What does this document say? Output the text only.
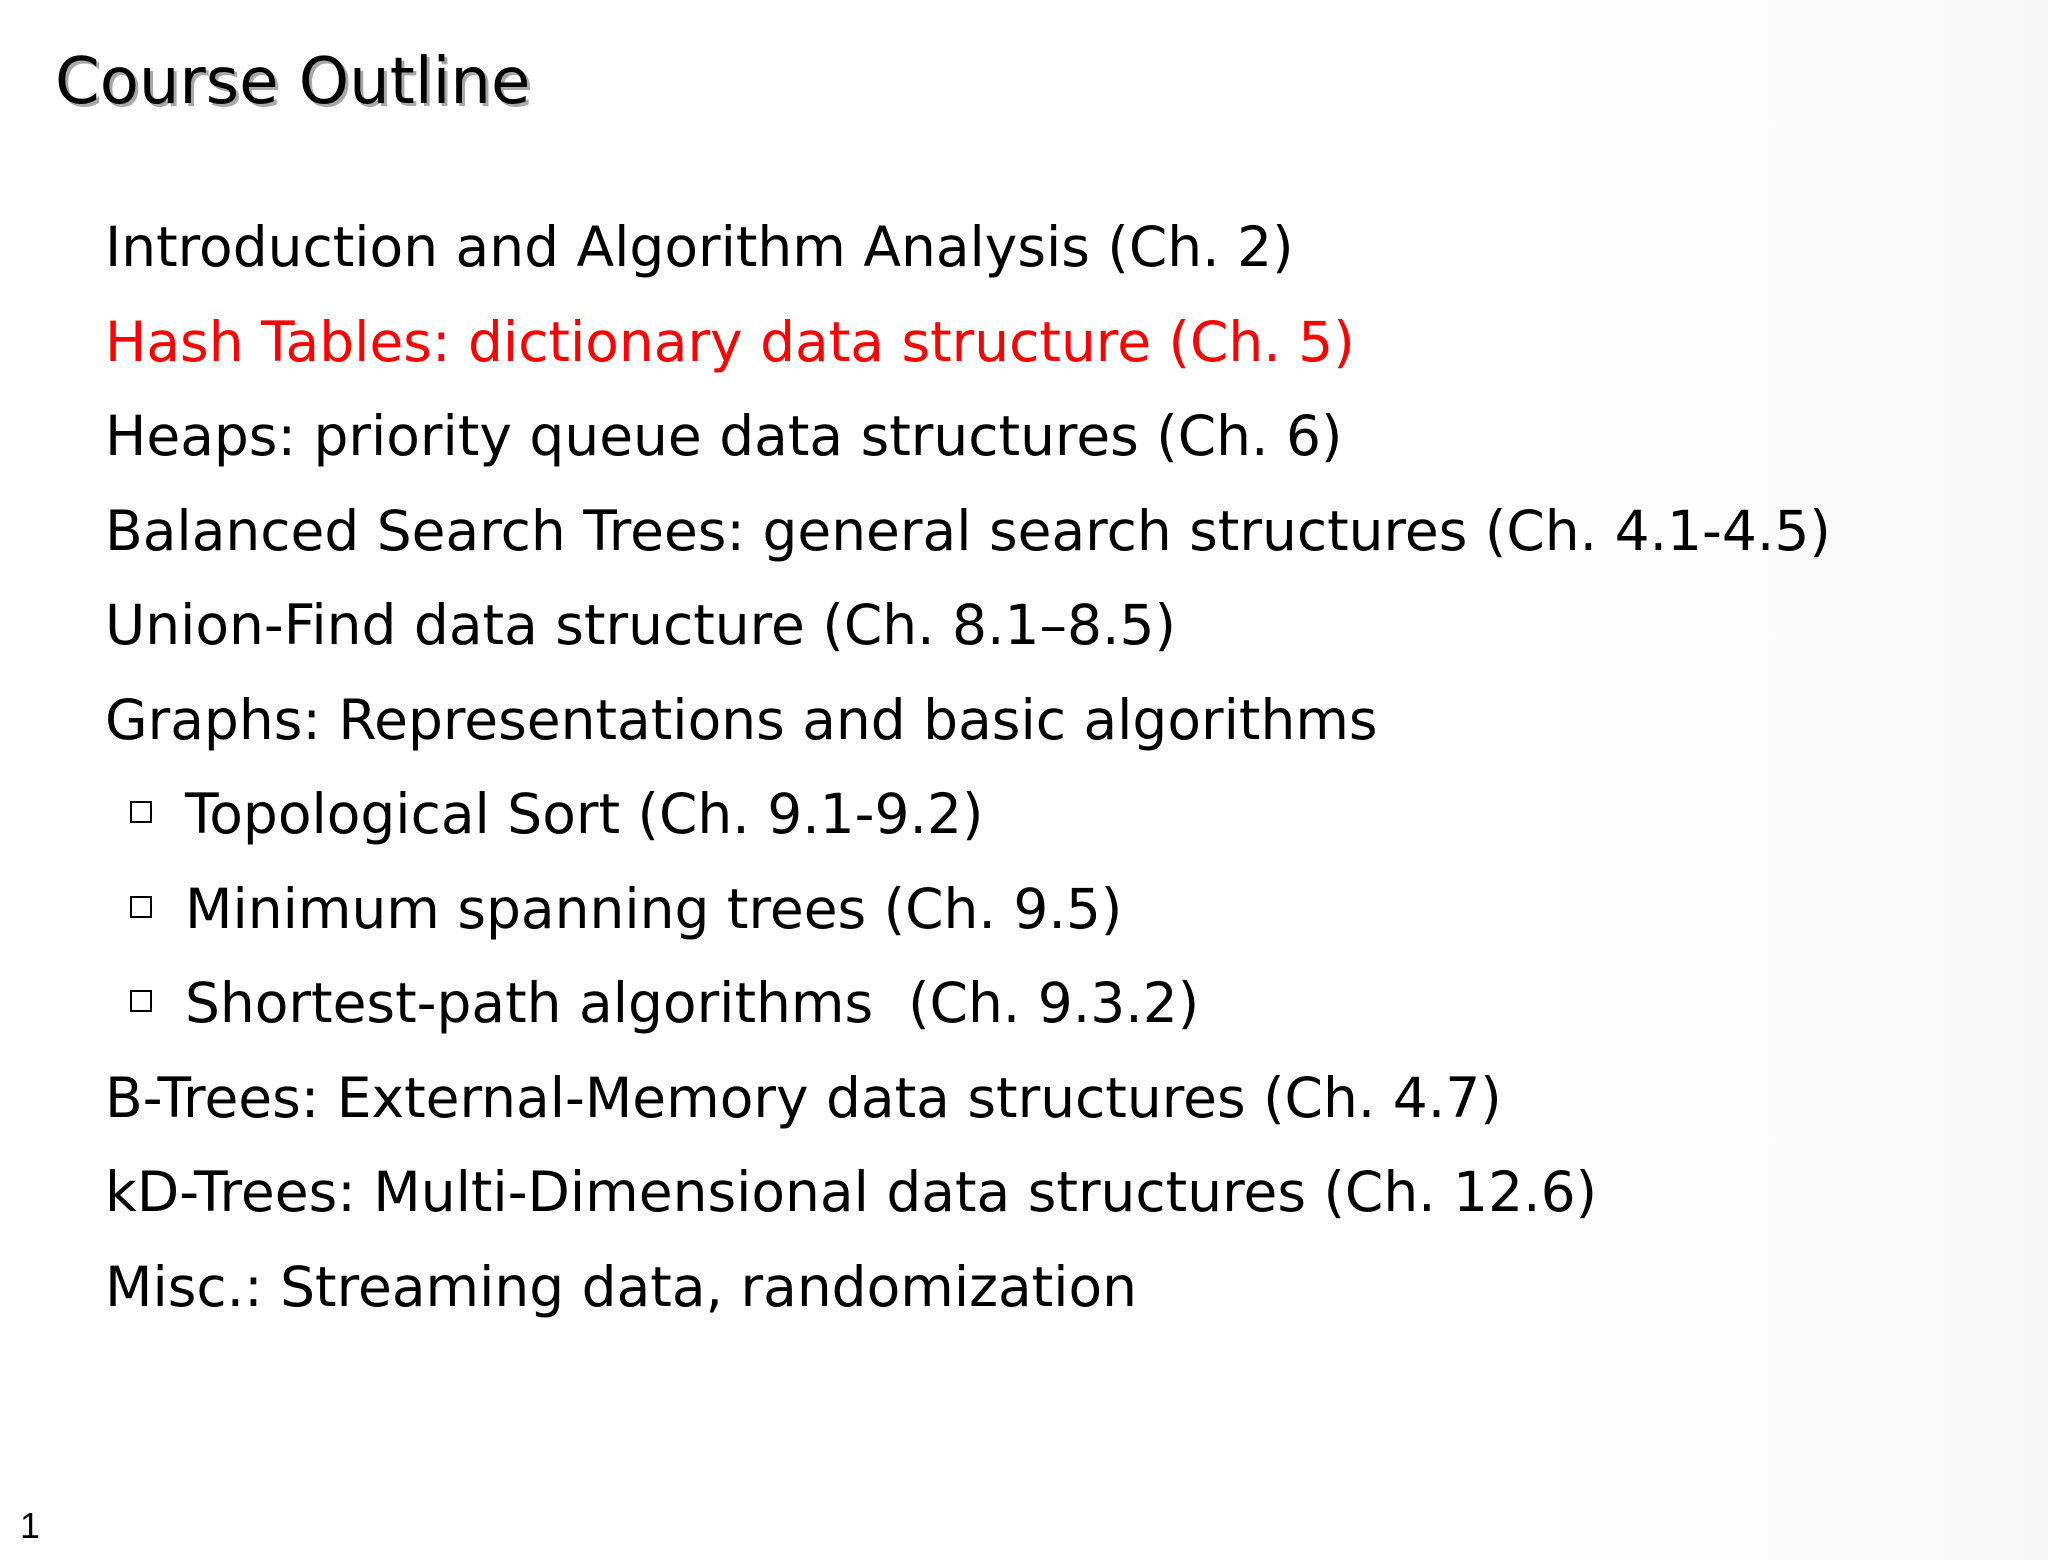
Course Outline
Introduction and Algorithm Analysis (Ch. 2)
Hash Tables: dictionary data structure (Ch. 5)
Heaps: priority queue data structures (Ch. 6)
Balanced Search Trees: general search structures (Ch. 4.1-4.5)
Union-Find data structure (Ch. 8.1–8.5)
Graphs: Representations and basic algorithms
Topological Sort (Ch. 9.1-9.2)
Minimum spanning trees (Ch. 9.5)
Shortest-path algorithms  (Ch. 9.3.2)
B-Trees: External-Memory data structures (Ch. 4.7)
kD-Trees: Multi-Dimensional data structures (Ch. 12.6)
Misc.: Streaming data, randomization
1
